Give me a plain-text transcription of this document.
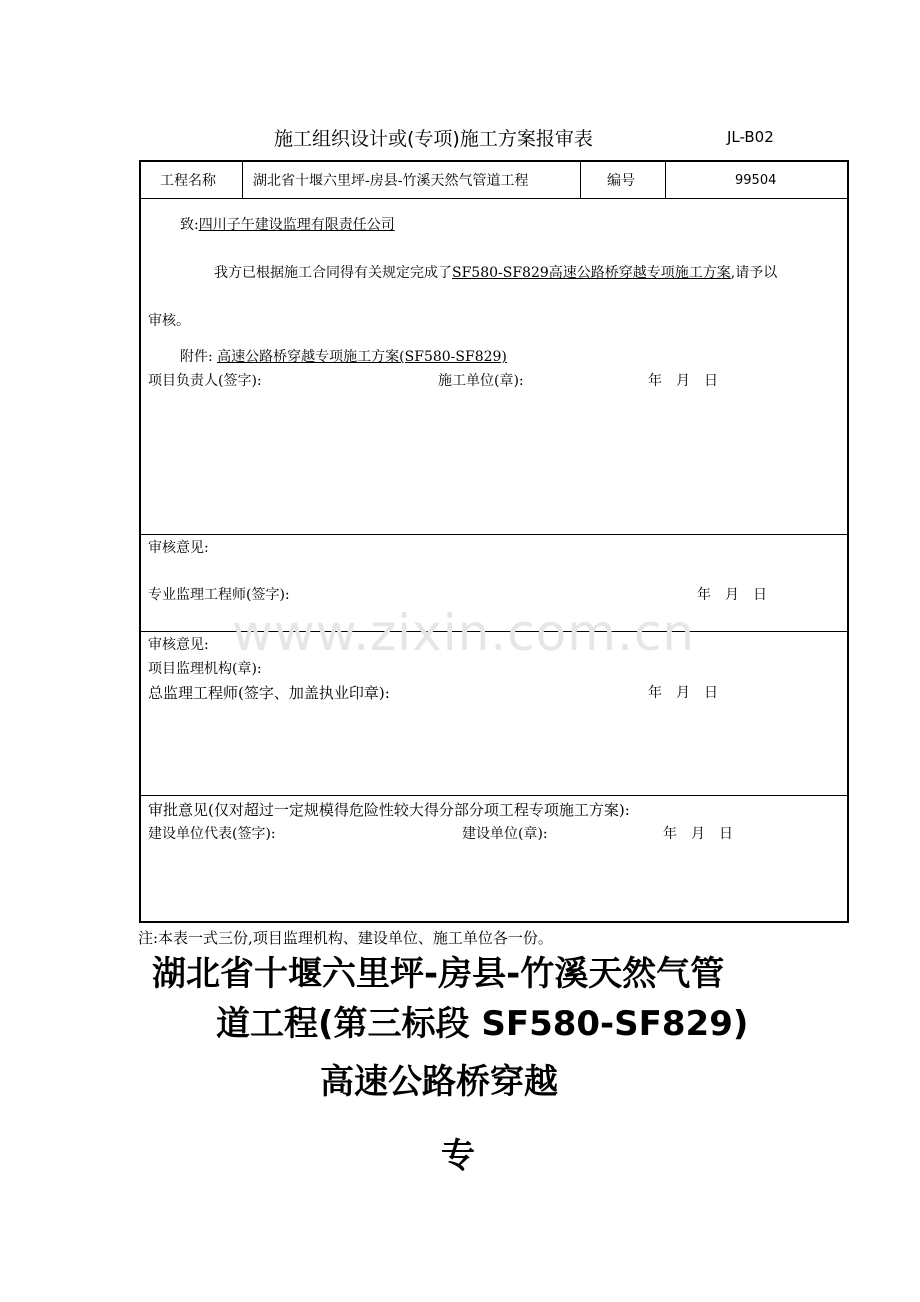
施工组织设计或(专项)施工方案报审表	JL-B02
www.zixin.com.cn
工程名称	湖北省十堰六里坪-房县-竹溪天然气管道工程	编号	99504
致:四川子午建设监理有限责任公司
我方已根据施工合同得有关规定完成了SF580-SF829高速公路桥穿越专项施工方案,请予以
审核。
附件: 高速公路桥穿越专项施工方案(SF580-SF829)
项目负责人(签字):	施工单位(章):	年　月　日
审核意见:
专业监理工程师(签字):	年　月　日
审核意见:
项目监理机构(章):
总监理工程师(签字、加盖执业印章):	年　月　日
审批意见(仅对超过一定规模得危险性较大得分部分项工程专项施工方案):
建设单位代表(签字):	建设单位(章):	年　月　日
注:本表一式三份,项目监理机构、建设单位、施工单位各一份。
湖北省十堰六里坪-房县-竹溪天然气管
道工程(第三标段 SF580-SF829)
高速公路桥穿越
专
